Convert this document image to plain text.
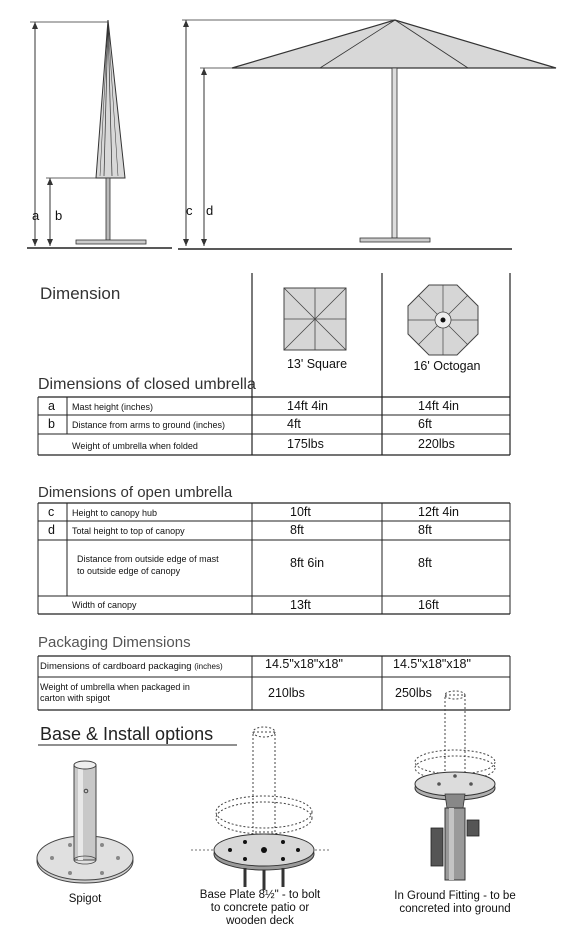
a b	c d
Dimension
13' Square	16' Octogan
Dimensions of closed umbrella
a Mast height (inches)	14ft 4in	14ft 4in
b Distance from arms to ground (inches)	4ft	6ft
Weight of umbrella when folded	175lbs	220lbs
Dimensions of open umbrella
c Height to canopy hub	10ft	12ft 4in
d Total height to top of canopy	8ft	8ft
Distance from outside edge of mast
to outside edge of canopy
8ft 6in	8ft
Width of canopy	13ft	16ft
Packaging Dimensions
Dimensions of cardboard packaging (inches)	14.5"x18"x18"	14.5"x18"x18"
Weight of umbrella when packaged in
carton with spigot	210lbs	250lbs
Base & Install options
Spigot	Base Plate 8½" - to bolt
to concrete patio or
wooden deck
In Ground Fitting - to be
concreted into ground
